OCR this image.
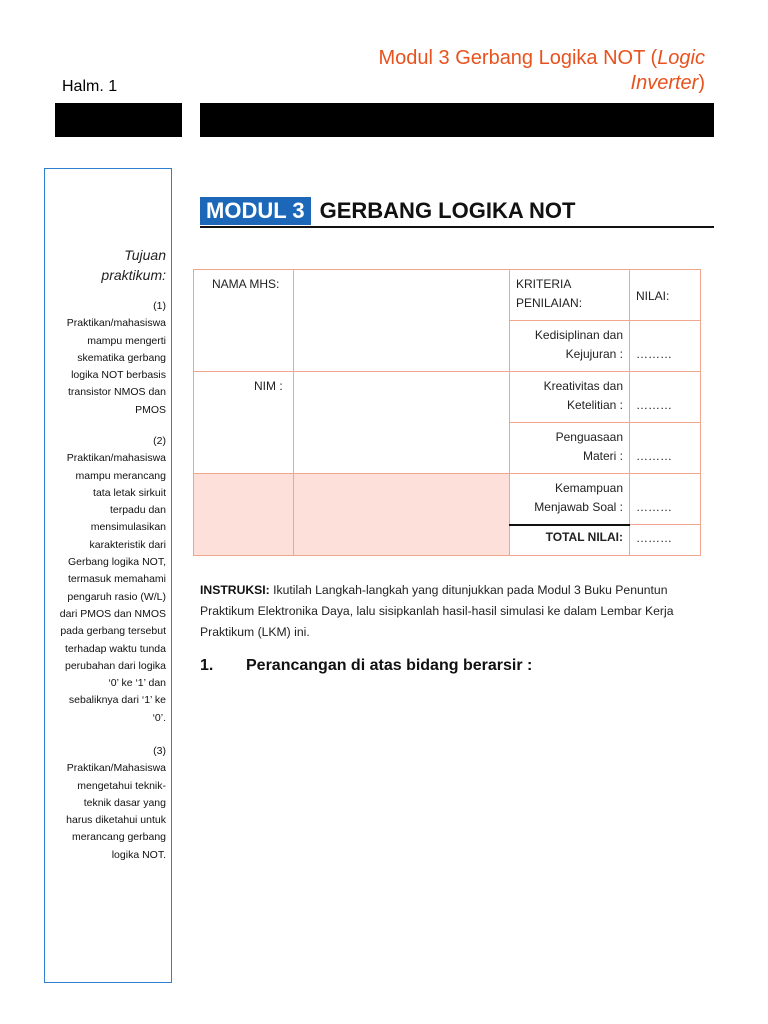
Modul 3 Gerbang Logika NOT (Logic
Inverter)
Halm. 1
Tujuan
praktikum:
(1)
Praktikan/mahasiswa
mampu mengerti
skematika gerbang
logika NOT berbasis
transistor NMOS dan
PMOS
(2)
Praktikan/mahasiswa
mampu merancang
tata letak sirkuit
terpadu dan
mensimulasikan
karakteristik dari
Gerbang logika NOT,
termasuk memahami
pengaruh rasio (W/L)
dari PMOS dan NMOS
pada gerbang tersebut
terhadap waktu tunda
perubahan dari logika
‘0’ ke ‘1’ dan
sebaliknya dari ‘1’ ke
‘0’.
(3)
Praktikan/Mahasiswa
mengetahui teknik-
teknik dasar yang
harus diketahui untuk
merancang gerbang
logika NOT.
MODUL 3 GERBANG LOGIKA NOT
NAMA MHS:		KRITERIA
PENILAIAN:	NILAI:

		Kedisiplinan dan
Kejujuran :	………

NIM :		Kreativitas dan
Ketelitian :	………

		Penguasaan
Materi :	………

		Kemampuan
Menjawab Soal :	………

		TOTAL NILAI:	………
INSTRUKSI: Ikutilah Langkah-langkah yang ditunjukkan pada Modul 3 Buku Penuntun Praktikum Elektronika Daya, lalu sisipkanlah hasil-hasil simulasi ke dalam Lembar Kerja Praktikum (LKM) ini.
1. Perancangan di atas bidang berarsir :
